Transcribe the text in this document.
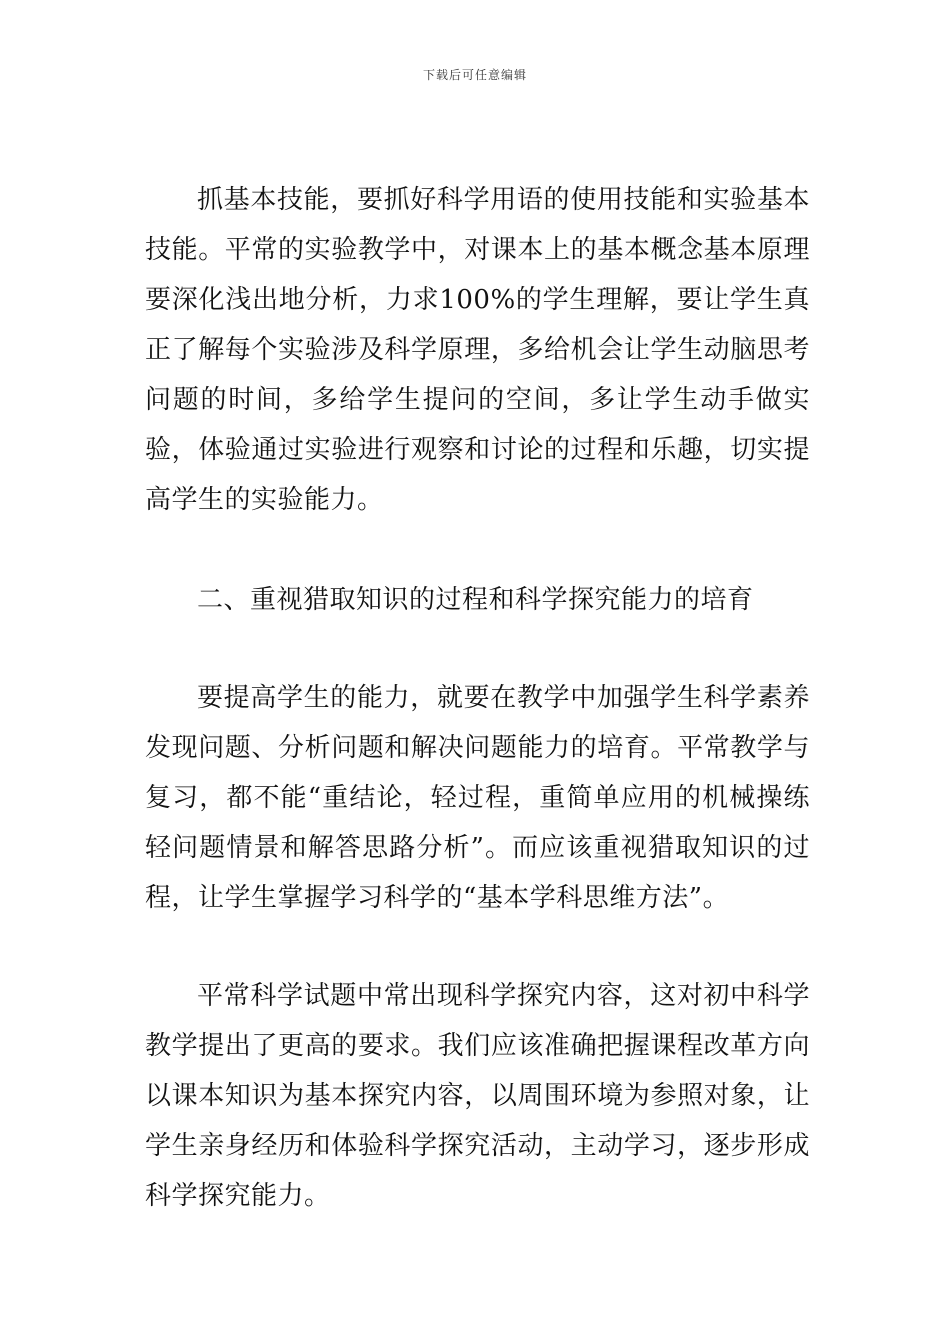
下载后可任意编辑

抓基本技能，要抓好科学用语的使用技能和实验基本技能。平常的实验教学中，对课本上的基本概念基本原理要深化浅出地分析，力求100%的学生理解，要让学生真正了解每个实验涉及科学原理，多给机会让学生动脑思考问题的时间，多给学生提问的空间，多让学生动手做实验，体验通过实验进行观察和讨论的过程和乐趣，切实提高学生的实验能力。

二、重视猎取知识的过程和科学探究能力的培育

要提高学生的能力，就要在教学中加强学生科学素养发现问题、分析问题和解决问题能力的培育。平常教学与复习，都不能“重结论，轻过程，重简单应用的机械操练轻问题情景和解答思路分析”。而应该重视猎取知识的过程，让学生掌握学习科学的“基本学科思维方法”。

平常科学试题中常出现科学探究内容，这对初中科学教学提出了更高的要求。我们应该准确把握课程改革方向以课本知识为基本探究内容，以周围环境为参照对象，让学生亲身经历和体验科学探究活动，主动学习，逐步形成科学探究能力。
